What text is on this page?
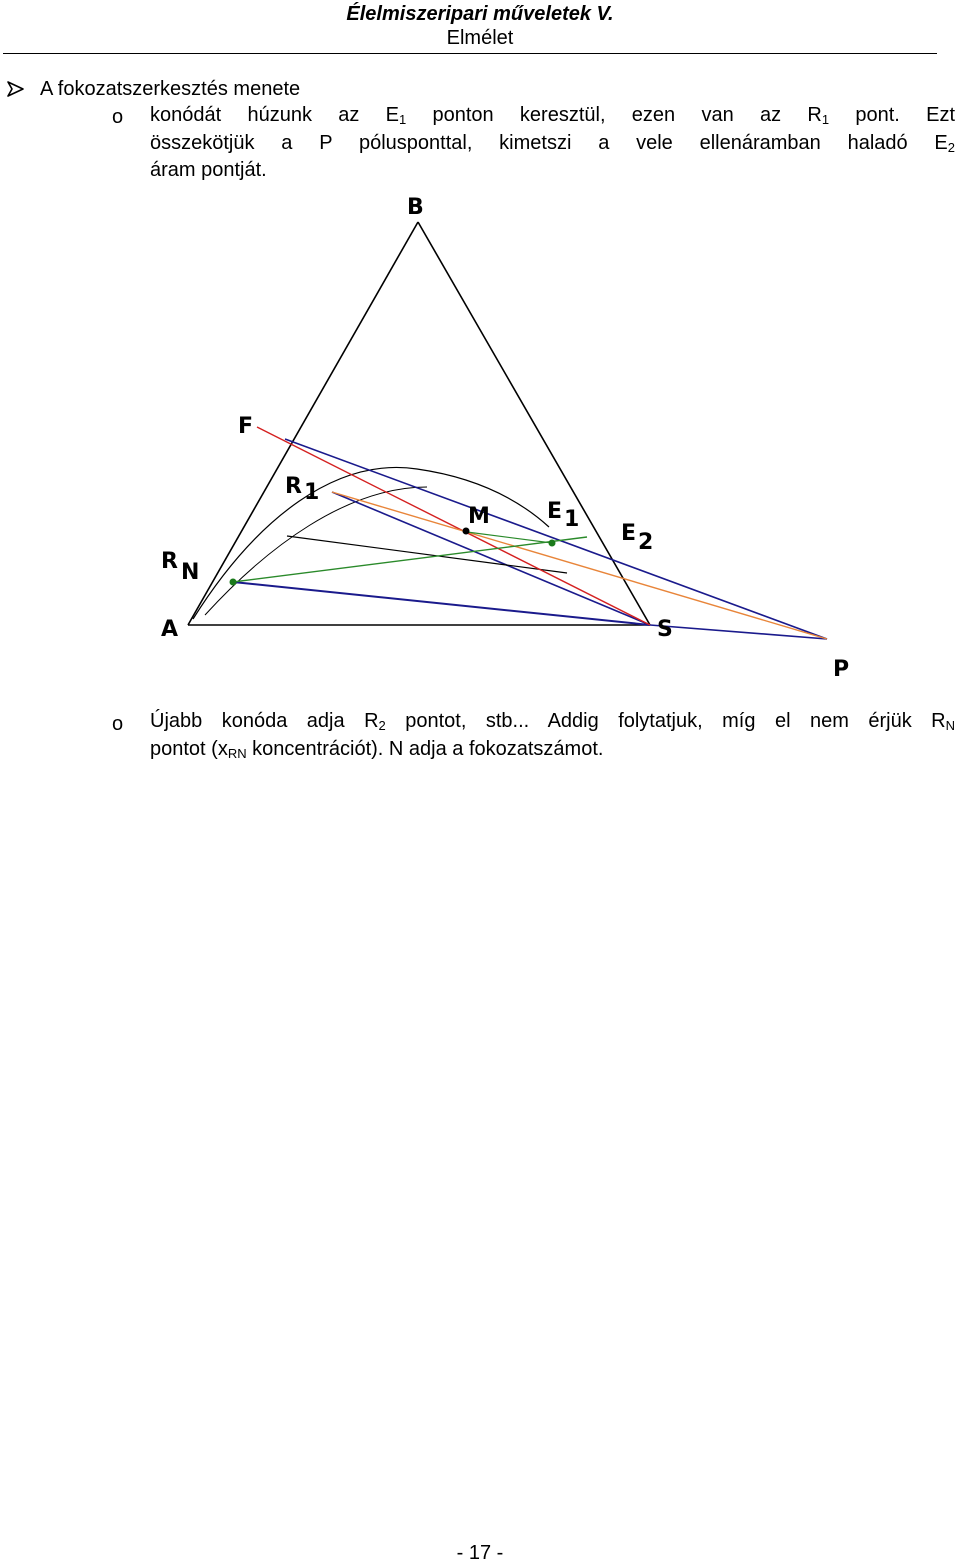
Élelmiszeripari műveletek V.
Elmélet
A fokozatszerkesztés menete
o konódát húzunk az $E_1$ ponton keresztül, ezen van az $R_1$ pont. Ezt
összekötjük a P pólusponttal, kimetszi a vele ellenáramban haladó $E_2$
áram pontját.
B
F
R1
M	E1
E2
R N
A	S
P
o Újabb konóda adja $R_2$ pontot, stb... Addig folytatjuk, míg el nem érjük $R_N$
pontot ($x_{RN}$ koncentrációt). N adja a fokozatszámot.
- 17 -
